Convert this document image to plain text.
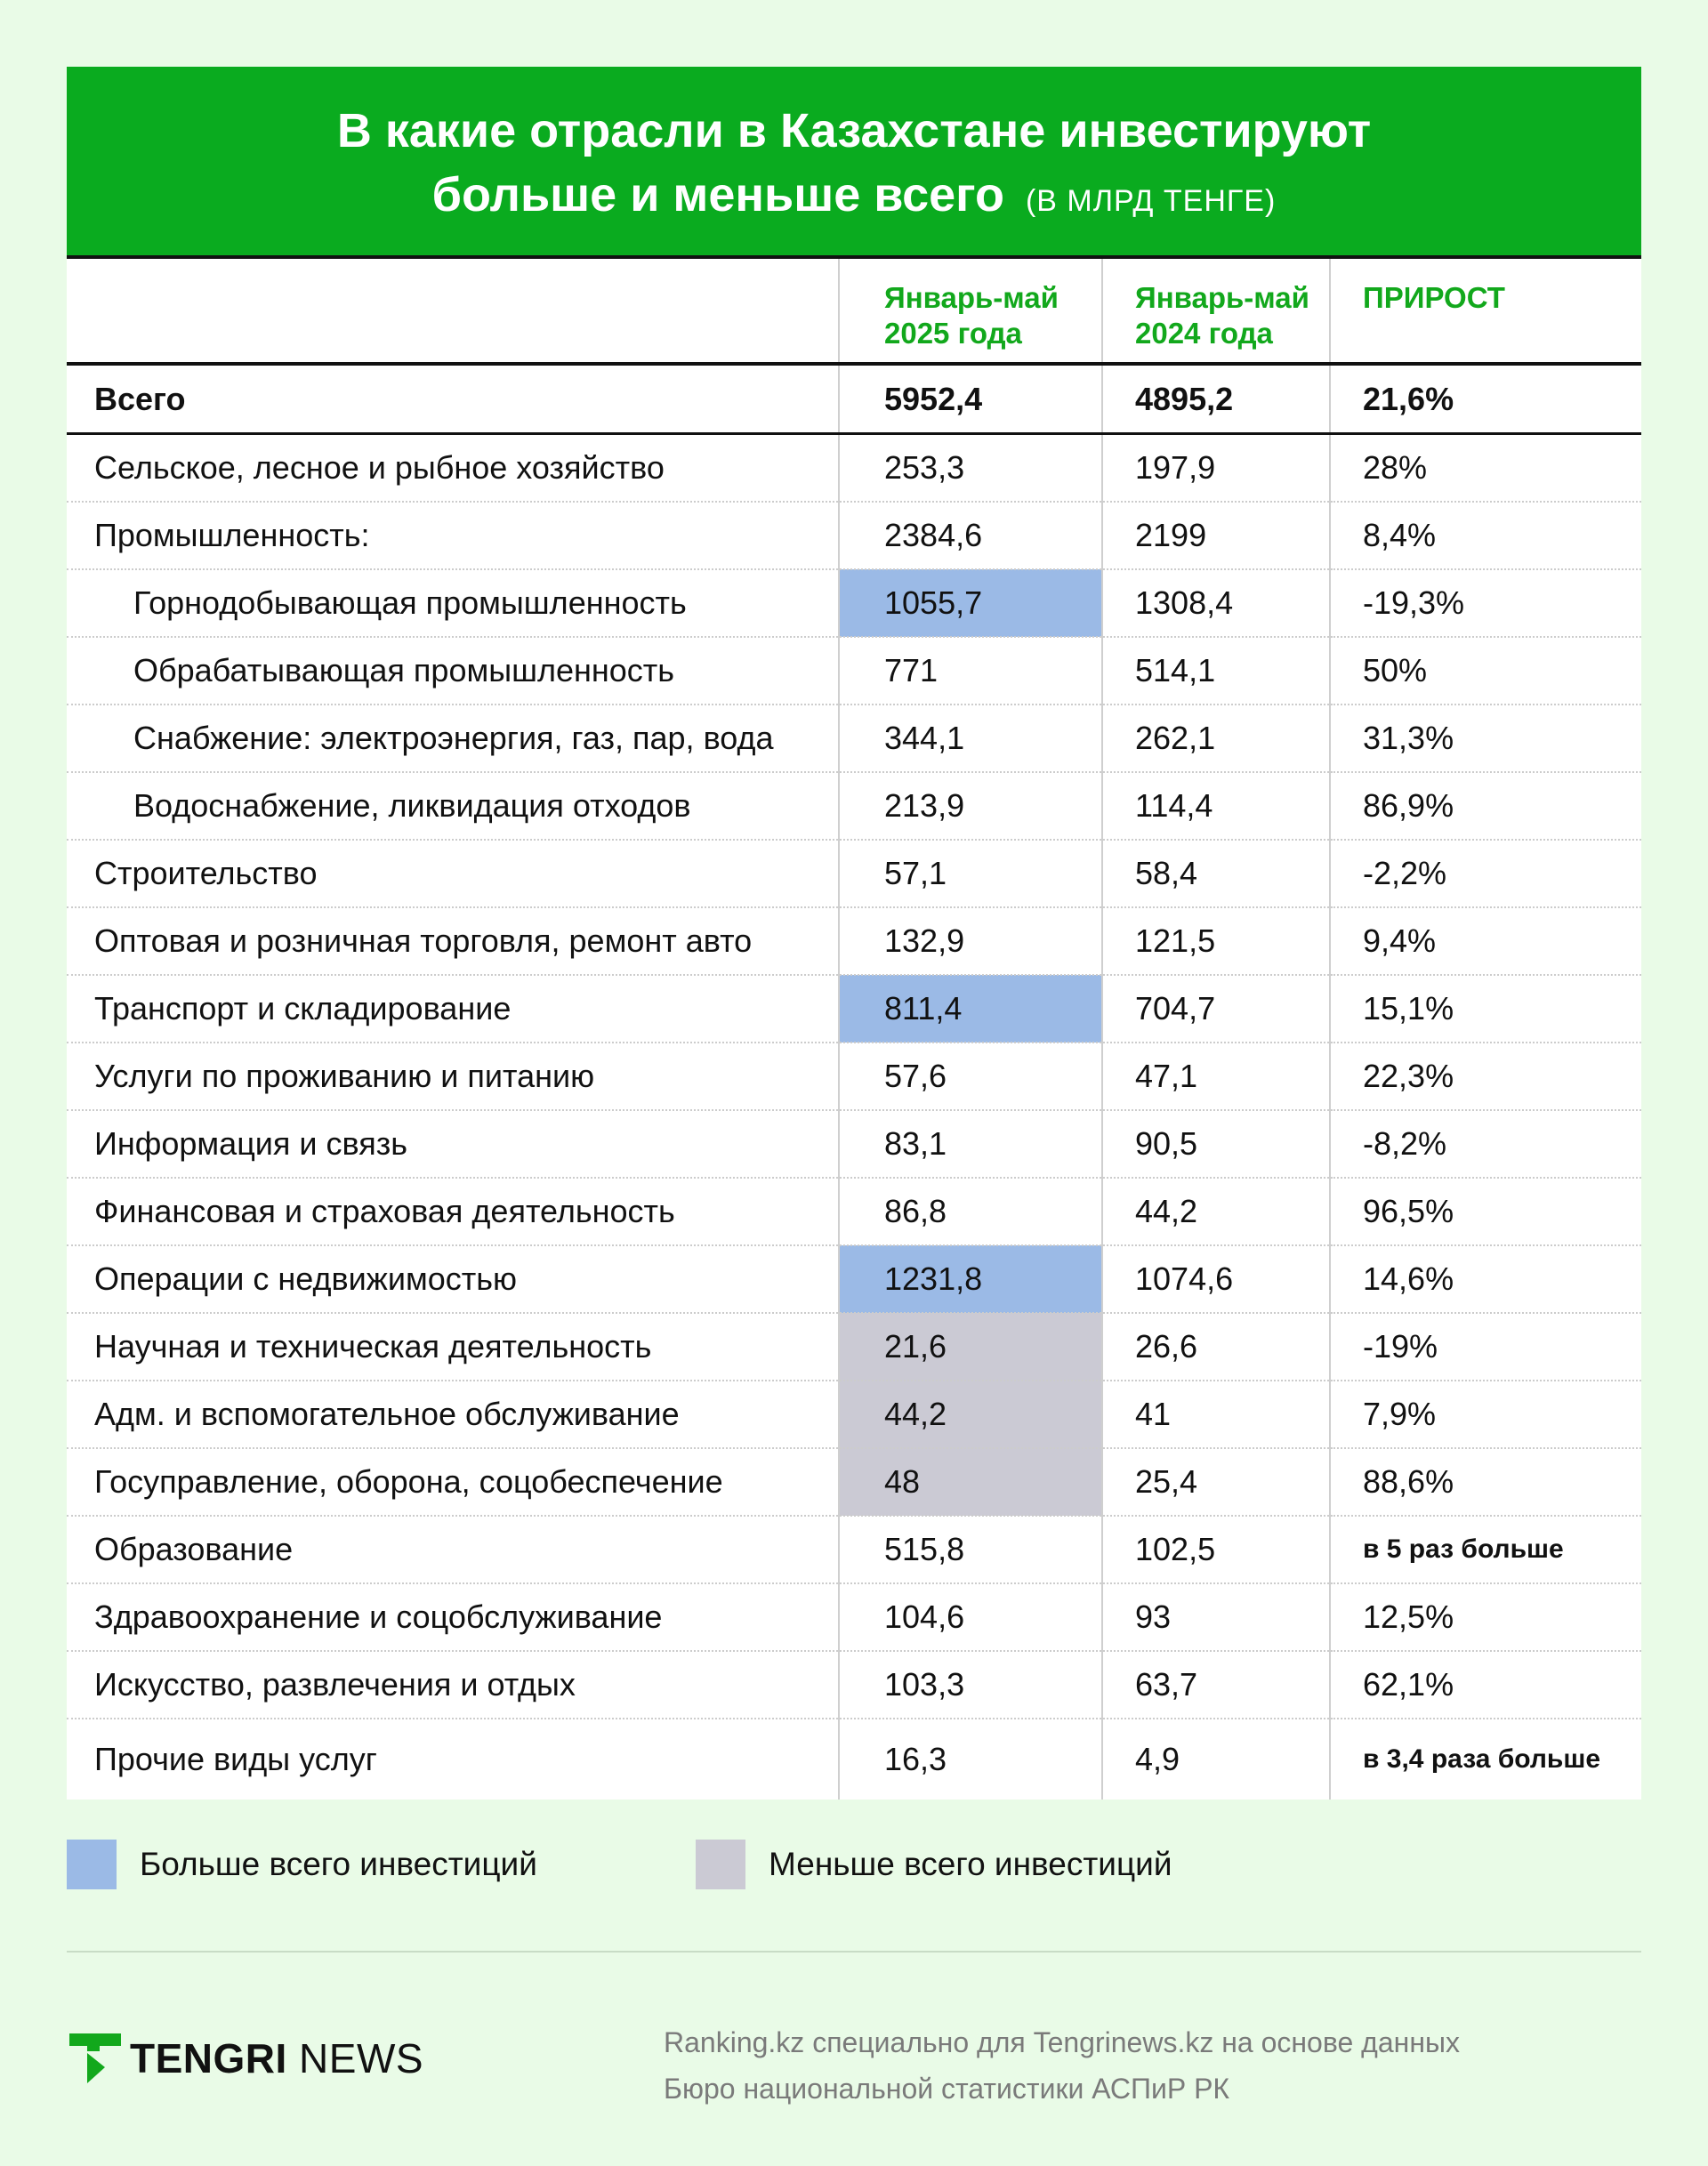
В какие отрасли в Казахстане инвестируют
больше и меньше всего (В МЛРД ТЕНГЕ)

	Январь-май 2025 года	Январь-май 2024 года	ПРИРОСТ
Всего	5952,4	4895,2	21,6%
Сельское, лесное и рыбное хозяйство	253,3	197,9	28%
Промышленность:	2384,6	2199	8,4%
Горнодобывающая промышленность	1055,7	1308,4	-19,3%
Обрабатывающая промышленность	771	514,1	50%
Снабжение: электроэнергия, газ, пар, вода	344,1	262,1	31,3%
Водоснабжение, ликвидация отходов	213,9	114,4	86,9%
Строительство	57,1	58,4	-2,2%
Оптовая и розничная торговля, ремонт авто	132,9	121,5	9,4%
Транспорт и складирование	811,4	704,7	15,1%
Услуги по проживанию и питанию	57,6	47,1	22,3%
Информация и связь	83,1	90,5	-8,2%
Финансовая и страховая деятельность	86,8	44,2	96,5%
Операции с недвижимостью	1231,8	1074,6	14,6%
Научная и техническая деятельность	21,6	26,6	-19%
Адм. и вспомогательное обслуживание	44,2	41	7,9%
Госуправление, оборона, соцобеспечение	48	25,4	88,6%
Образование	515,8	102,5	в 5 раз больше
Здравоохранение и соцобслуживание	104,6	93	12,5%
Искусство, развлечения и отдых	103,3	63,7	62,1%
Прочие виды услуг	16,3	4,9	в 3,4 раза больше
Больше всего инвестиций	Меньше всего инвестиций
TENGRI NEWS	Ranking.kz специально для Tengrinews.kz на основе данных
Бюро национальной статистики АСПиР РК
